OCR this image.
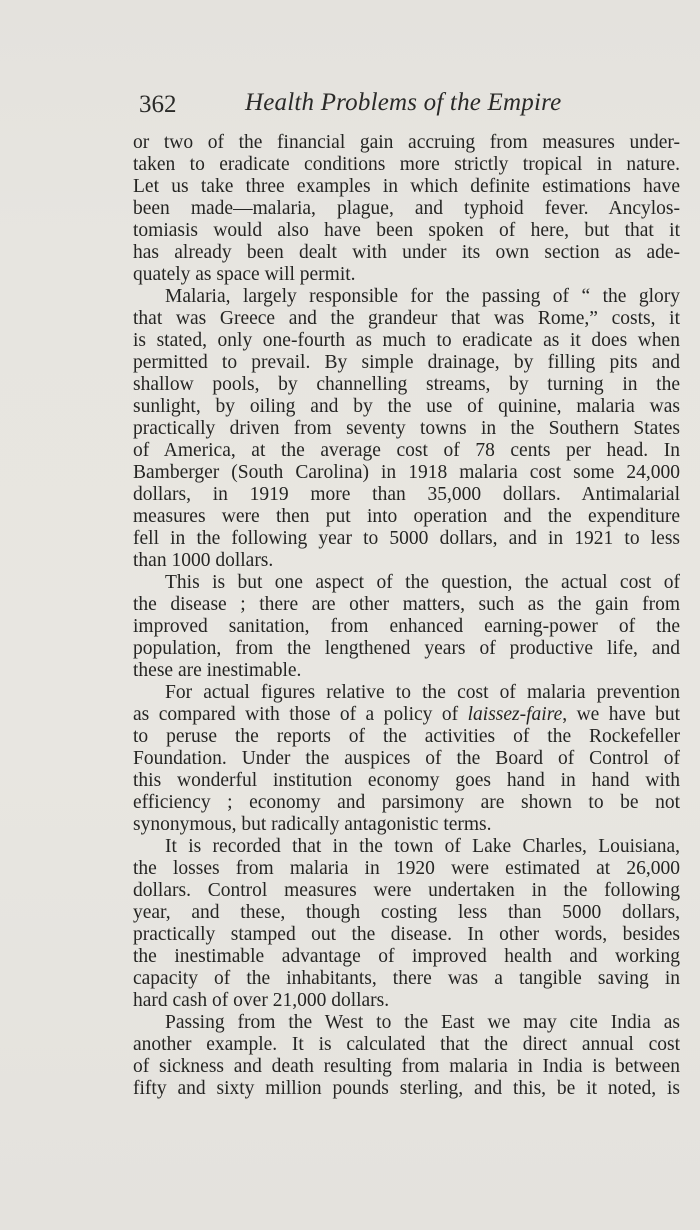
362	Health Problems of the Empire
or two of the financial gain accruing from measures under-
taken to eradicate conditions more strictly tropical in nature.
Let us take three examples in which definite estimations have
been made—malaria, plague, and typhoid fever. Ancylos-
tomiasis would also have been spoken of here, but that it
has already been dealt with under its own section as ade-
quately as space will permit.
Malaria, largely responsible for the passing of “ the glory
that was Greece and the grandeur that was Rome,” costs, it
is stated, only one-fourth as much to eradicate as it does when
permitted to prevail. By simple drainage, by filling pits and
shallow pools, by channelling streams, by turning in the
sunlight, by oiling and by the use of quinine, malaria was
practically driven from seventy towns in the Southern States
of America, at the average cost of 78 cents per head. In
Bamberger (South Carolina) in 1918 malaria cost some 24,000
dollars, in 1919 more than 35,000 dollars. Antimalarial
measures were then put into operation and the expenditure
fell in the following year to 5000 dollars, and in 1921 to less
than 1000 dollars.
This is but one aspect of the question, the actual cost of
the disease ; there are other matters, such as the gain from
improved sanitation, from enhanced earning-power of the
population, from the lengthened years of productive life, and
these are inestimable.
For actual figures relative to the cost of malaria prevention
as compared with those of a policy of laissez-faire, we have but
to peruse the reports of the activities of the Rockefeller
Foundation. Under the auspices of the Board of Control of
this wonderful institution economy goes hand in hand with
efficiency ; economy and parsimony are shown to be not
synonymous, but radically antagonistic terms.
It is recorded that in the town of Lake Charles, Louisiana,
the losses from malaria in 1920 were estimated at 26,000
dollars. Control measures were undertaken in the following
year, and these, though costing less than 5000 dollars,
practically stamped out the disease. In other words, besides
the inestimable advantage of improved health and working
capacity of the inhabitants, there was a tangible saving in
hard cash of over 21,000 dollars.
Passing from the West to the East we may cite India as
another example. It is calculated that the direct annual cost
of sickness and death resulting from malaria in India is between
fifty and sixty million pounds sterling, and this, be it noted, is
